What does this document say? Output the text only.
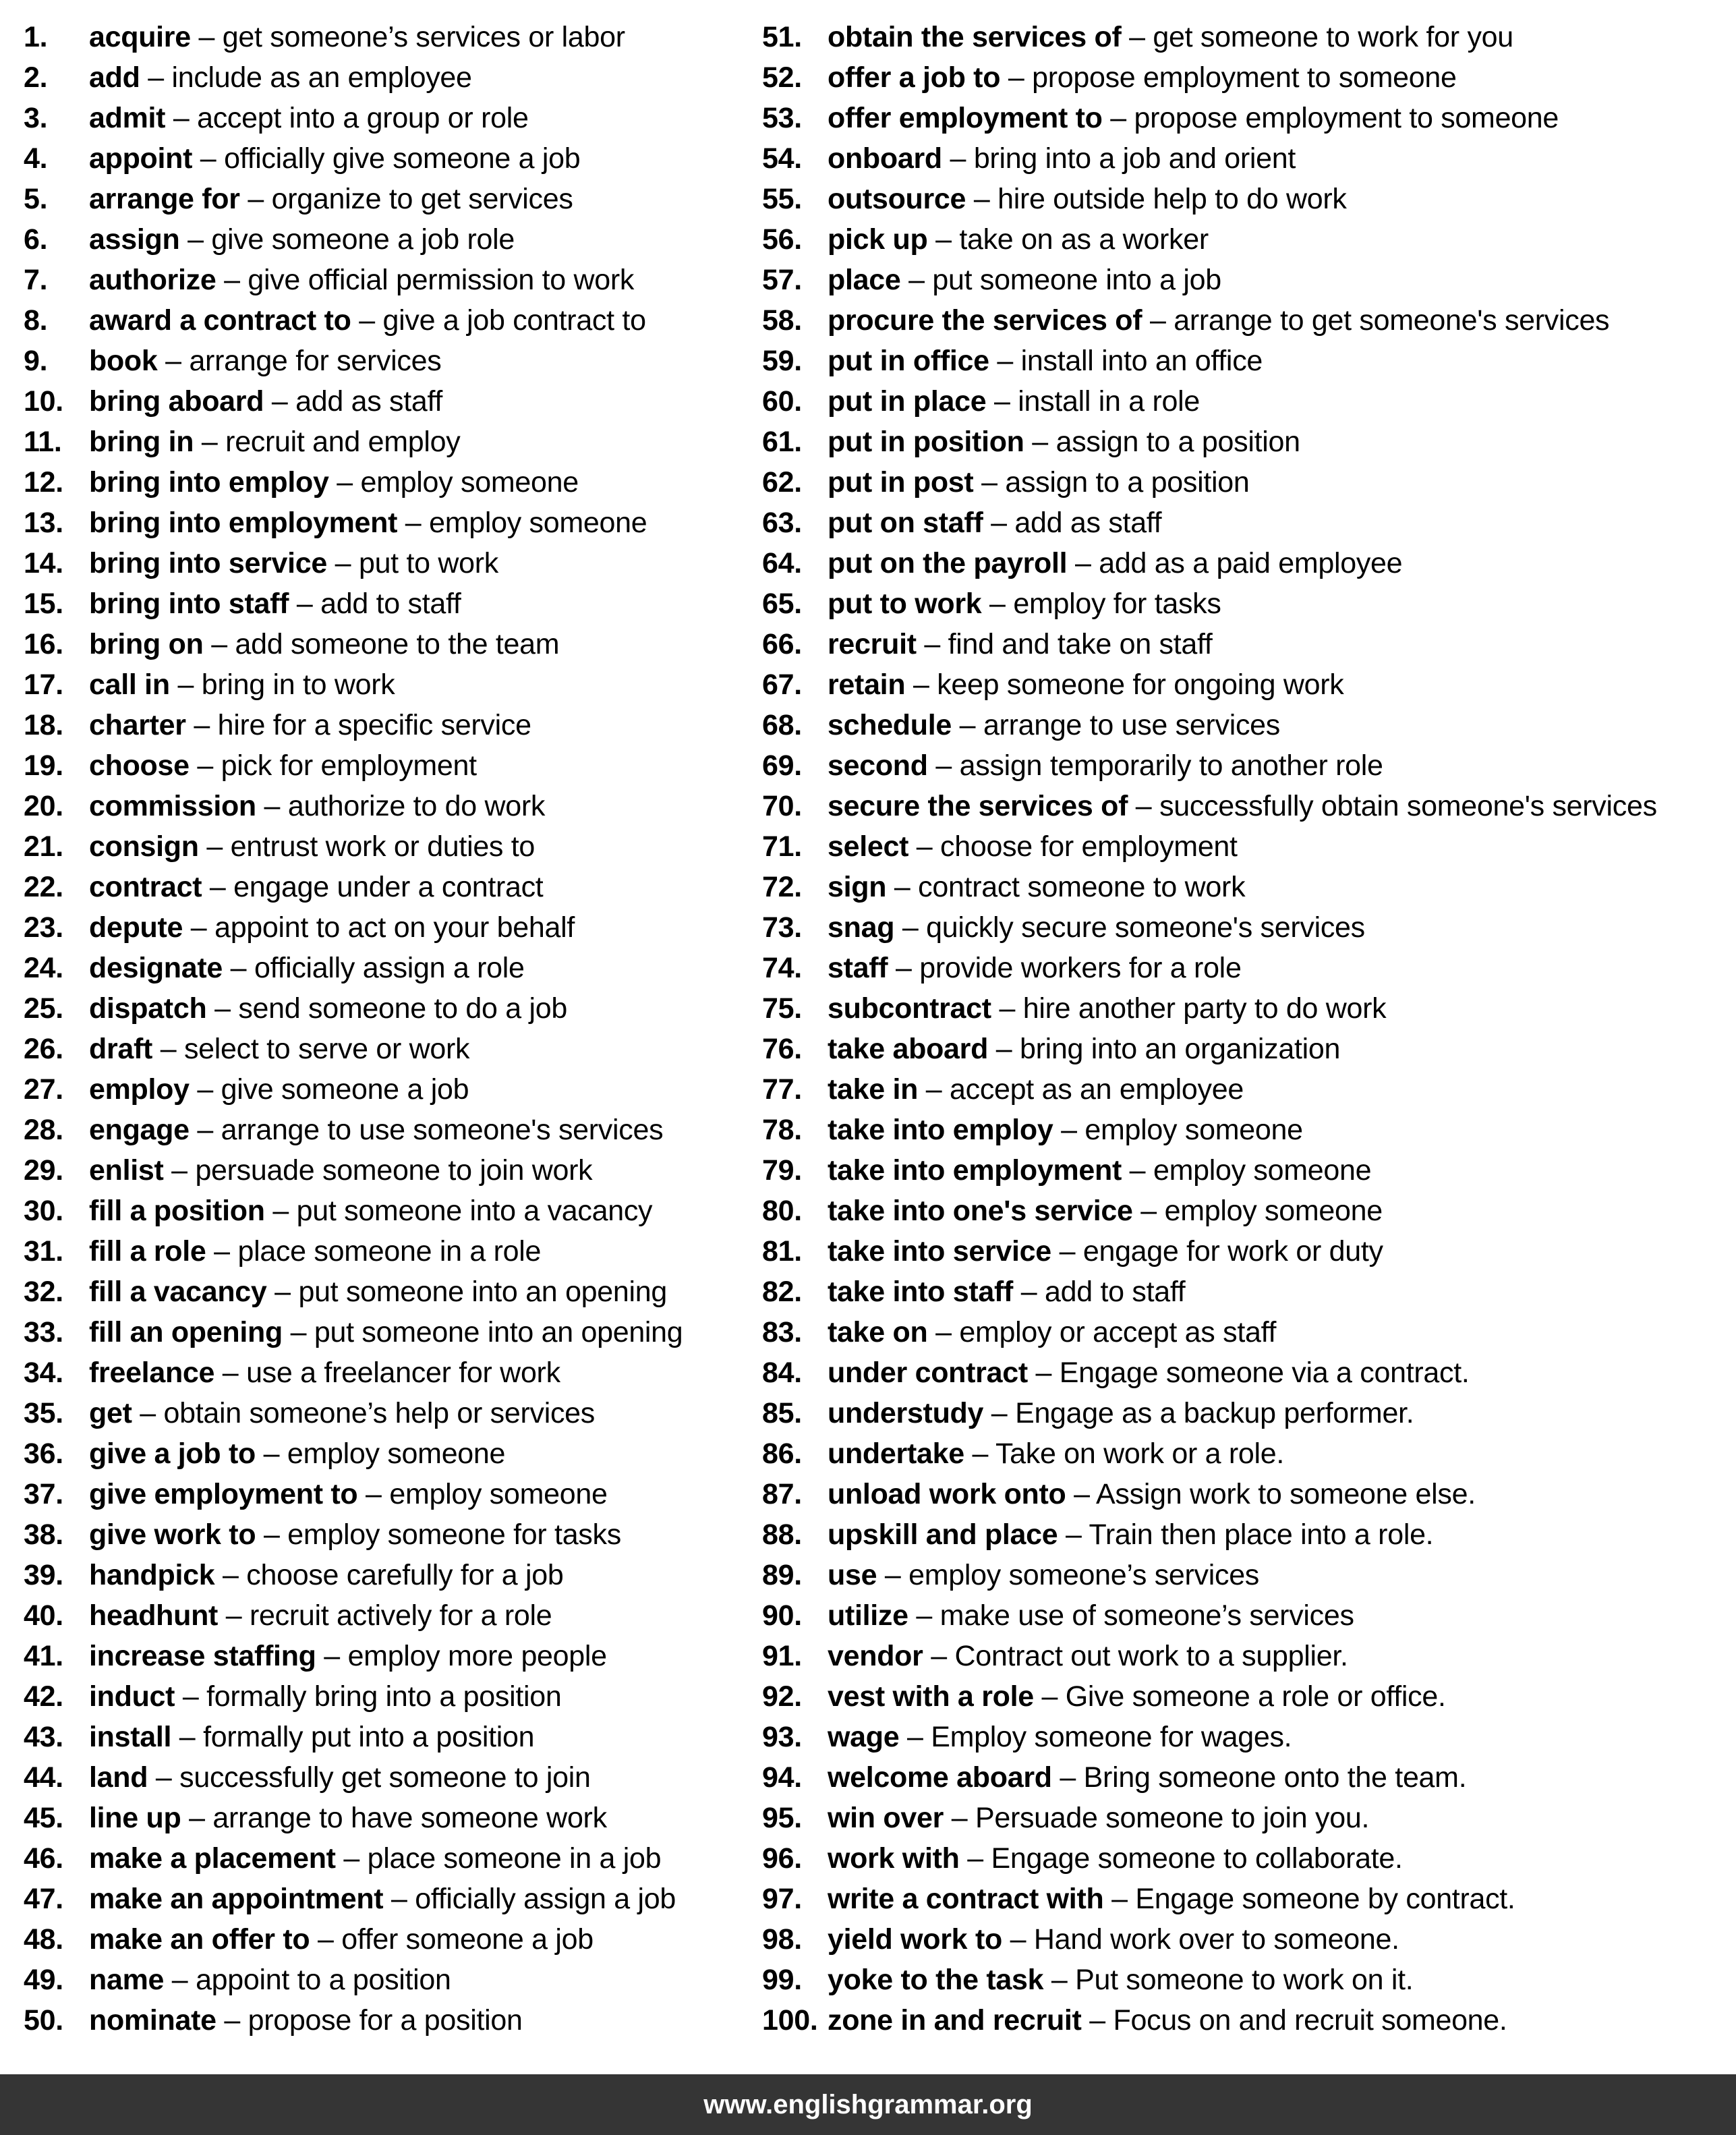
1.	acquire – get someone’s services or labor
2.	add – include as an employee
3.	admit – accept into a group or role
4.	appoint – officially give someone a job
5.	arrange for – organize to get services
6.	assign – give someone a job role
7.	authorize – give official permission to work
8.	award a contract to – give a job contract to
9.	book – arrange for services
10. bring aboard – add as staff
11. bring in – recruit and employ
12. bring into employ – employ someone
13. bring into employment – employ someone
14. bring into service – put to work
15. bring into staff – add to staff
16. bring on – add someone to the team
17. call in – bring in to work
18. charter – hire for a specific service
19. choose – pick for employment
20. commission – authorize to do work
21. consign – entrust work or duties to
22. contract – engage under a contract
23. depute – appoint to act on your behalf
24. designate – officially assign a role
25. dispatch – send someone to do a job
26. draft – select to serve or work
27. employ – give someone a job
28. engage – arrange to use someone's services
29. enlist – persuade someone to join work
30. fill a position – put someone into a vacancy
31. fill a role – place someone in a role
32. fill a vacancy – put someone into an opening
33. fill an opening – put someone into an opening
34. freelance – use a freelancer for work
35. get – obtain someone’s help or services
36. give a job to – employ someone
37. give employment to – employ someone
38. give work to – employ someone for tasks
39. handpick – choose carefully for a job
40. headhunt – recruit actively for a role
41. increase staffing – employ more people
42. induct – formally bring into a position
43. install – formally put into a position
44. land – successfully get someone to join
45. line up – arrange to have someone work
46. make a placement – place someone in a job
47. make an appointment – officially assign a job
48. make an offer to – offer someone a job
49. name – appoint to a position
50. nominate – propose for a position
51. obtain the services of – get someone to work for you
52. offer a job to – propose employment to someone
53. offer employment to – propose employment to someone
54. onboard – bring into a job and orient
55. outsource – hire outside help to do work
56. pick up – take on as a worker
57. place – put someone into a job
58. procure the services of – arrange to get someone's services
59. put in office – install into an office
60. put in place – install in a role
61. put in position – assign to a position
62. put in post – assign to a position
63. put on staff – add as staff
64. put on the payroll – add as a paid employee
65. put to work – employ for tasks
66. recruit – find and take on staff
67. retain – keep someone for ongoing work
68. schedule – arrange to use services
69. second – assign temporarily to another role
70. secure the services of – successfully obtain someone's services
71. select – choose for employment
72. sign – contract someone to work
73. snag – quickly secure someone's services
74. staff – provide workers for a role
75. subcontract – hire another party to do work
76. take aboard – bring into an organization
77. take in – accept as an employee
78. take into employ – employ someone
79. take into employment – employ someone
80. take into one's service – employ someone
81. take into service – engage for work or duty
82. take into staff – add to staff
83. take on – employ or accept as staff
84. under contract – Engage someone via a contract.
85. understudy – Engage as a backup performer.
86. undertake – Take on work or a role.
87. unload work onto – Assign work to someone else.
88. upskill and place – Train then place into a role.
89. use – employ someone’s services
90. utilize – make use of someone’s services
91. vendor – Contract out work to a supplier.
92. vest with a role – Give someone a role or office.
93. wage – Employ someone for wages.
94. welcome aboard – Bring someone onto the team.
95. win over – Persuade someone to join you.
96. work with – Engage someone to collaborate.
97. write a contract with – Engage someone by contract.
98. yield work to – Hand work over to someone.
99. yoke to the task – Put someone to work on it.
100. zone in and recruit – Focus on and recruit someone.
www.englishgrammar.org
